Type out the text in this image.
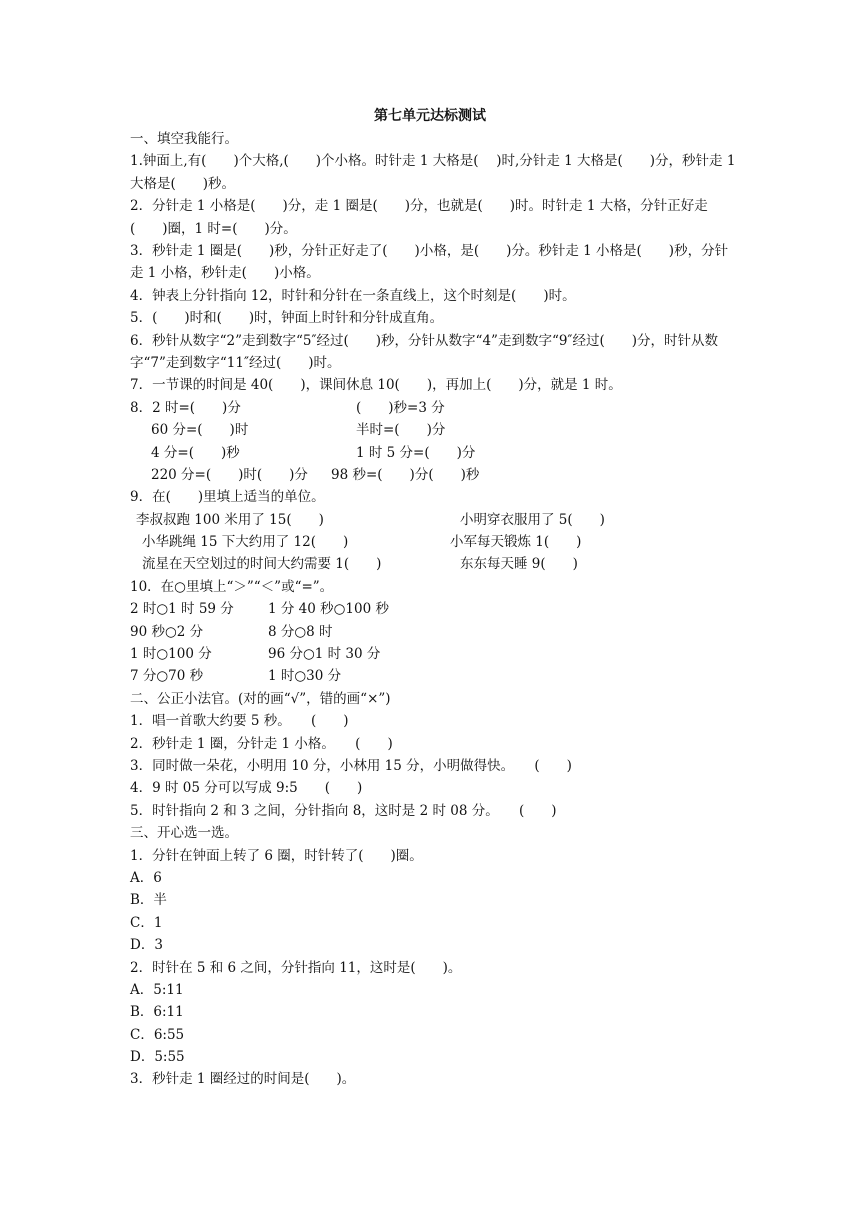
第七单元达标测试
一、填空我能行。
1.钟面上,有(　　)个大格,(　　)个小格。时针走 1 大格是(　 )时,分针走 1 大格是(　　)分，秒针走 1 大格是(　　)秒。
2．分针走 1 小格是(　　)分，走 1 圈是(　　)分，也就是(　　)时。时针走 1 大格，分针正好走(　　)圈，1 时=(　　)分。
3．秒针走 1 圈是(　　)秒，分针正好走了(　　)小格，是(　　)分。秒针走 1 小格是(　　)秒，分针走 1 小格，秒针走(　　)小格。
4．钟表上分针指向 12，时针和分针在一条直线上，这个时刻是(　　)时。
5．(　　)时和(　　)时，钟面上时针和分针成直角。
6．秒针从数字“2”走到数字“5″经过(　　)秒，分针从数字“4”走到数字“9″经过(　　)分，时针从数字“7”走到数字“11″经过(　　)时。
7．一节课的时间是 40(　　)，课间休息 10(　　)，再加上(　　)分，就是 1 时。
8．2 时=(　　)分	(　　)秒=3 分
60 分=(　　)时	半时=(　　)分
4 分=(　　)秒	1 时 5 分=(　　)分
220 分=(　　)时(　　)分 98 秒=(　　)分(　　)秒
9．在(　　)里填上适当的单位。
李叔叔跑 100 米用了 15(　　)	小明穿衣服用了 5(　　)
小华跳绳 15 下大约用了 12(　　)	小军每天锻炼 1(　　)
流星在天空划过的时间大约需要 1(　　)	东东每天睡 9(　　)
10．在○里填上“＞”“＜”或“=”。
2 时○1 时 59 分	1 分 40 秒○100 秒
90 秒○2 分	8 分○8 时
1 时○100 分	96 分○1 时 30 分
7 分○70 秒	1 时○30 分
二、公正小法官。(对的画“√”，错的画“×”)
1．唱一首歌大约要 5 秒。　　(　　)
2．秒针走 1 圈，分针走 1 小格。　　(　　)
3．同时做一朵花，小明用 10 分，小林用 15 分，小明做得快。　　(　　)
4．9 时 05 分可以写成 9:5　　(　　)
5．时针指向 2 和 3 之间，分针指向 8，这时是 2 时 08 分。　　(　　)
三、开心选一选。
1．分针在钟面上转了 6 圈，时针转了(　　)圈。
A．6
B．半
C．1
D．3
2．时针在 5 和 6 之间，分针指向 11，这时是(　　)。
A．5:11
B．6:11
C．6:55
D．5:55
3．秒针走 1 圈经过的时间是(　　)。
